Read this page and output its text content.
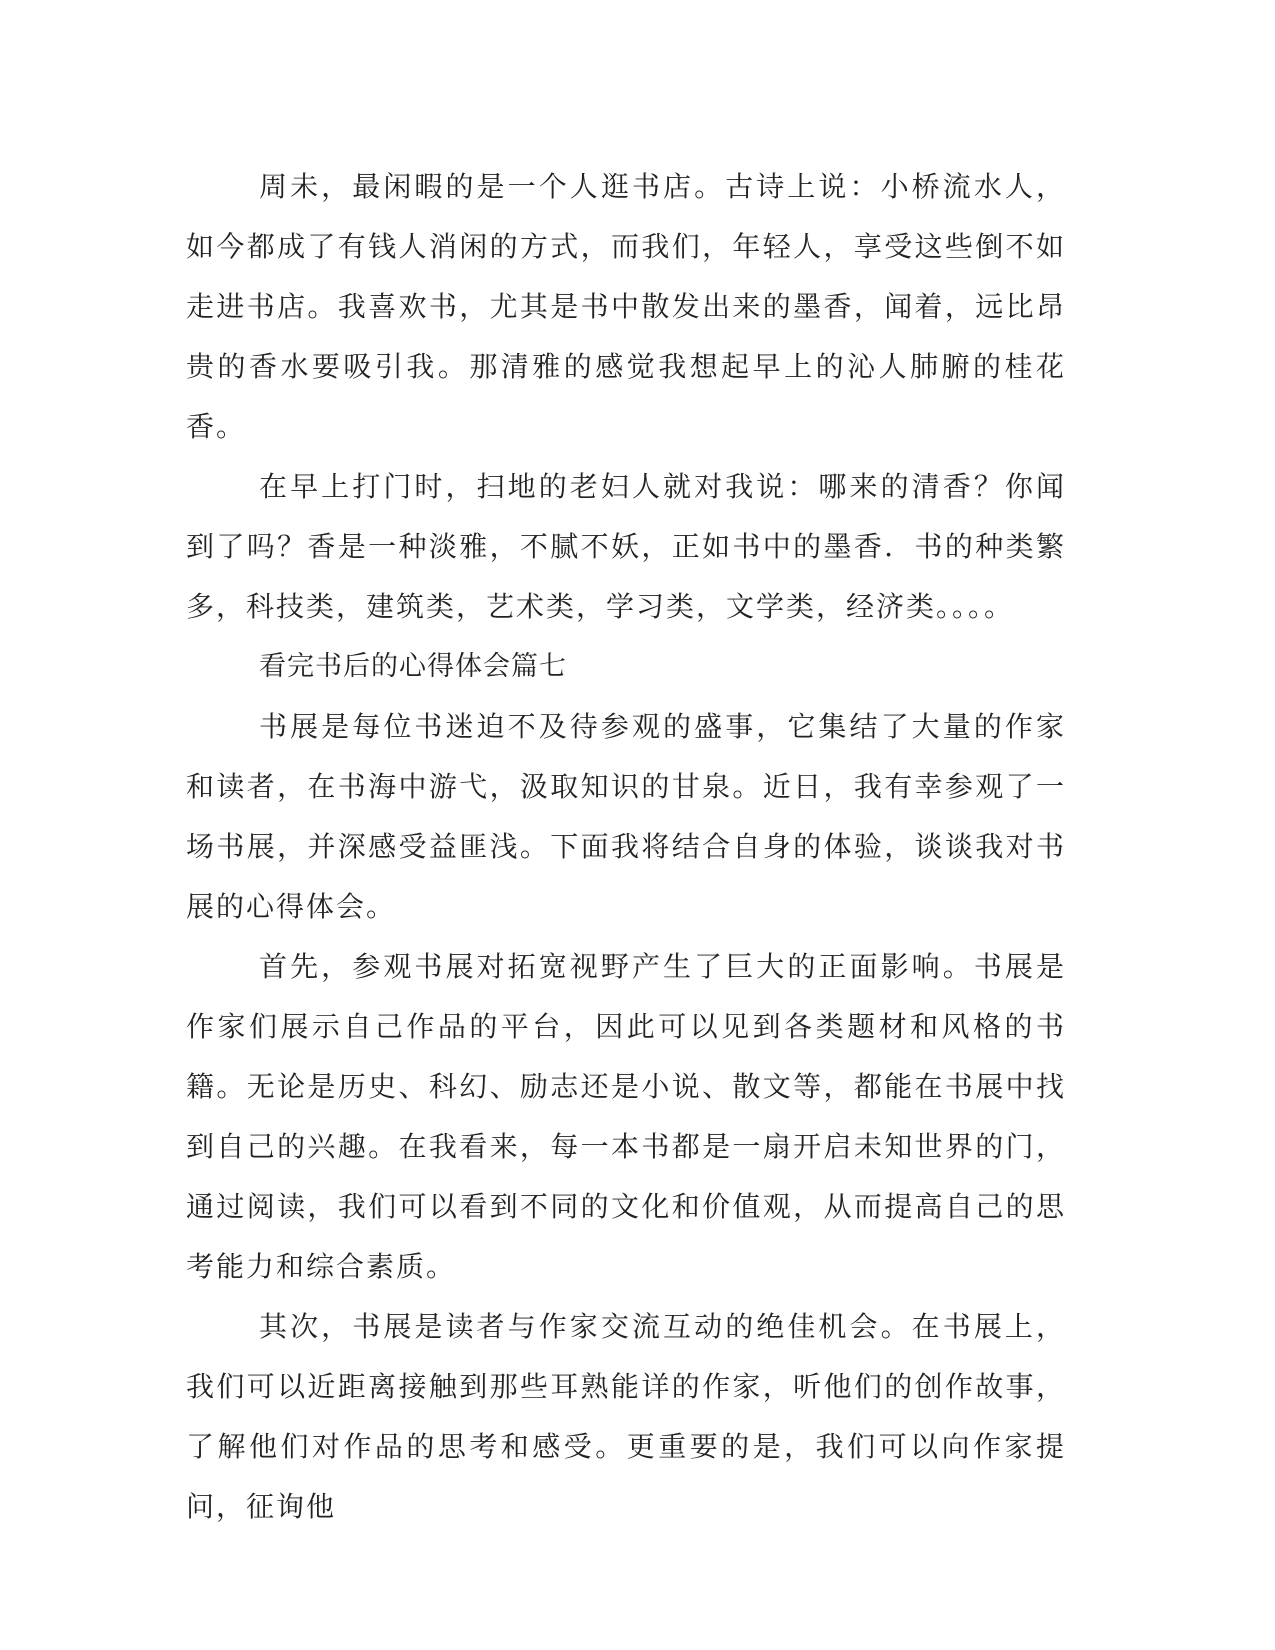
周未，最闲暇的是一个人逛书店。古诗上说：小桥流水人，如今都成了有钱人消闲的方式，而我们，年轻人，享受这些倒不如走进书店。我喜欢书，尤其是书中散发出来的墨香，闻着，远比昂贵的香水要吸引我。那清雅的感觉我想起早上的沁人肺腑的桂花香。

在早上打门时，扫地的老妇人就对我说：哪来的清香？你闻到了吗？香是一种淡雅，不腻不妖，正如书中的墨香．书的种类繁多，科技类，建筑类，艺术类，学习类，文学类，经济类。。。。

看完书后的心得体会篇七

书展是每位书迷迫不及待参观的盛事，它集结了大量的作家和读者，在书海中游弋，汲取知识的甘泉。近日，我有幸参观了一场书展，并深感受益匪浅。下面我将结合自身的体验，谈谈我对书展的心得体会。

首先，参观书展对拓宽视野产生了巨大的正面影响。书展是作家们展示自己作品的平台，因此可以见到各类题材和风格的书籍。无论是历史、科幻、励志还是小说、散文等，都能在书展中找到自己的兴趣。在我看来，每一本书都是一扇开启未知世界的门，通过阅读，我们可以看到不同的文化和价值观，从而提高自己的思考能力和综合素质。

其次，书展是读者与作家交流互动的绝佳机会。在书展上，我们可以近距离接触到那些耳熟能详的作家，听他们的创作故事，了解他们对作品的思考和感受。更重要的是，我们可以向作家提问，征询他
